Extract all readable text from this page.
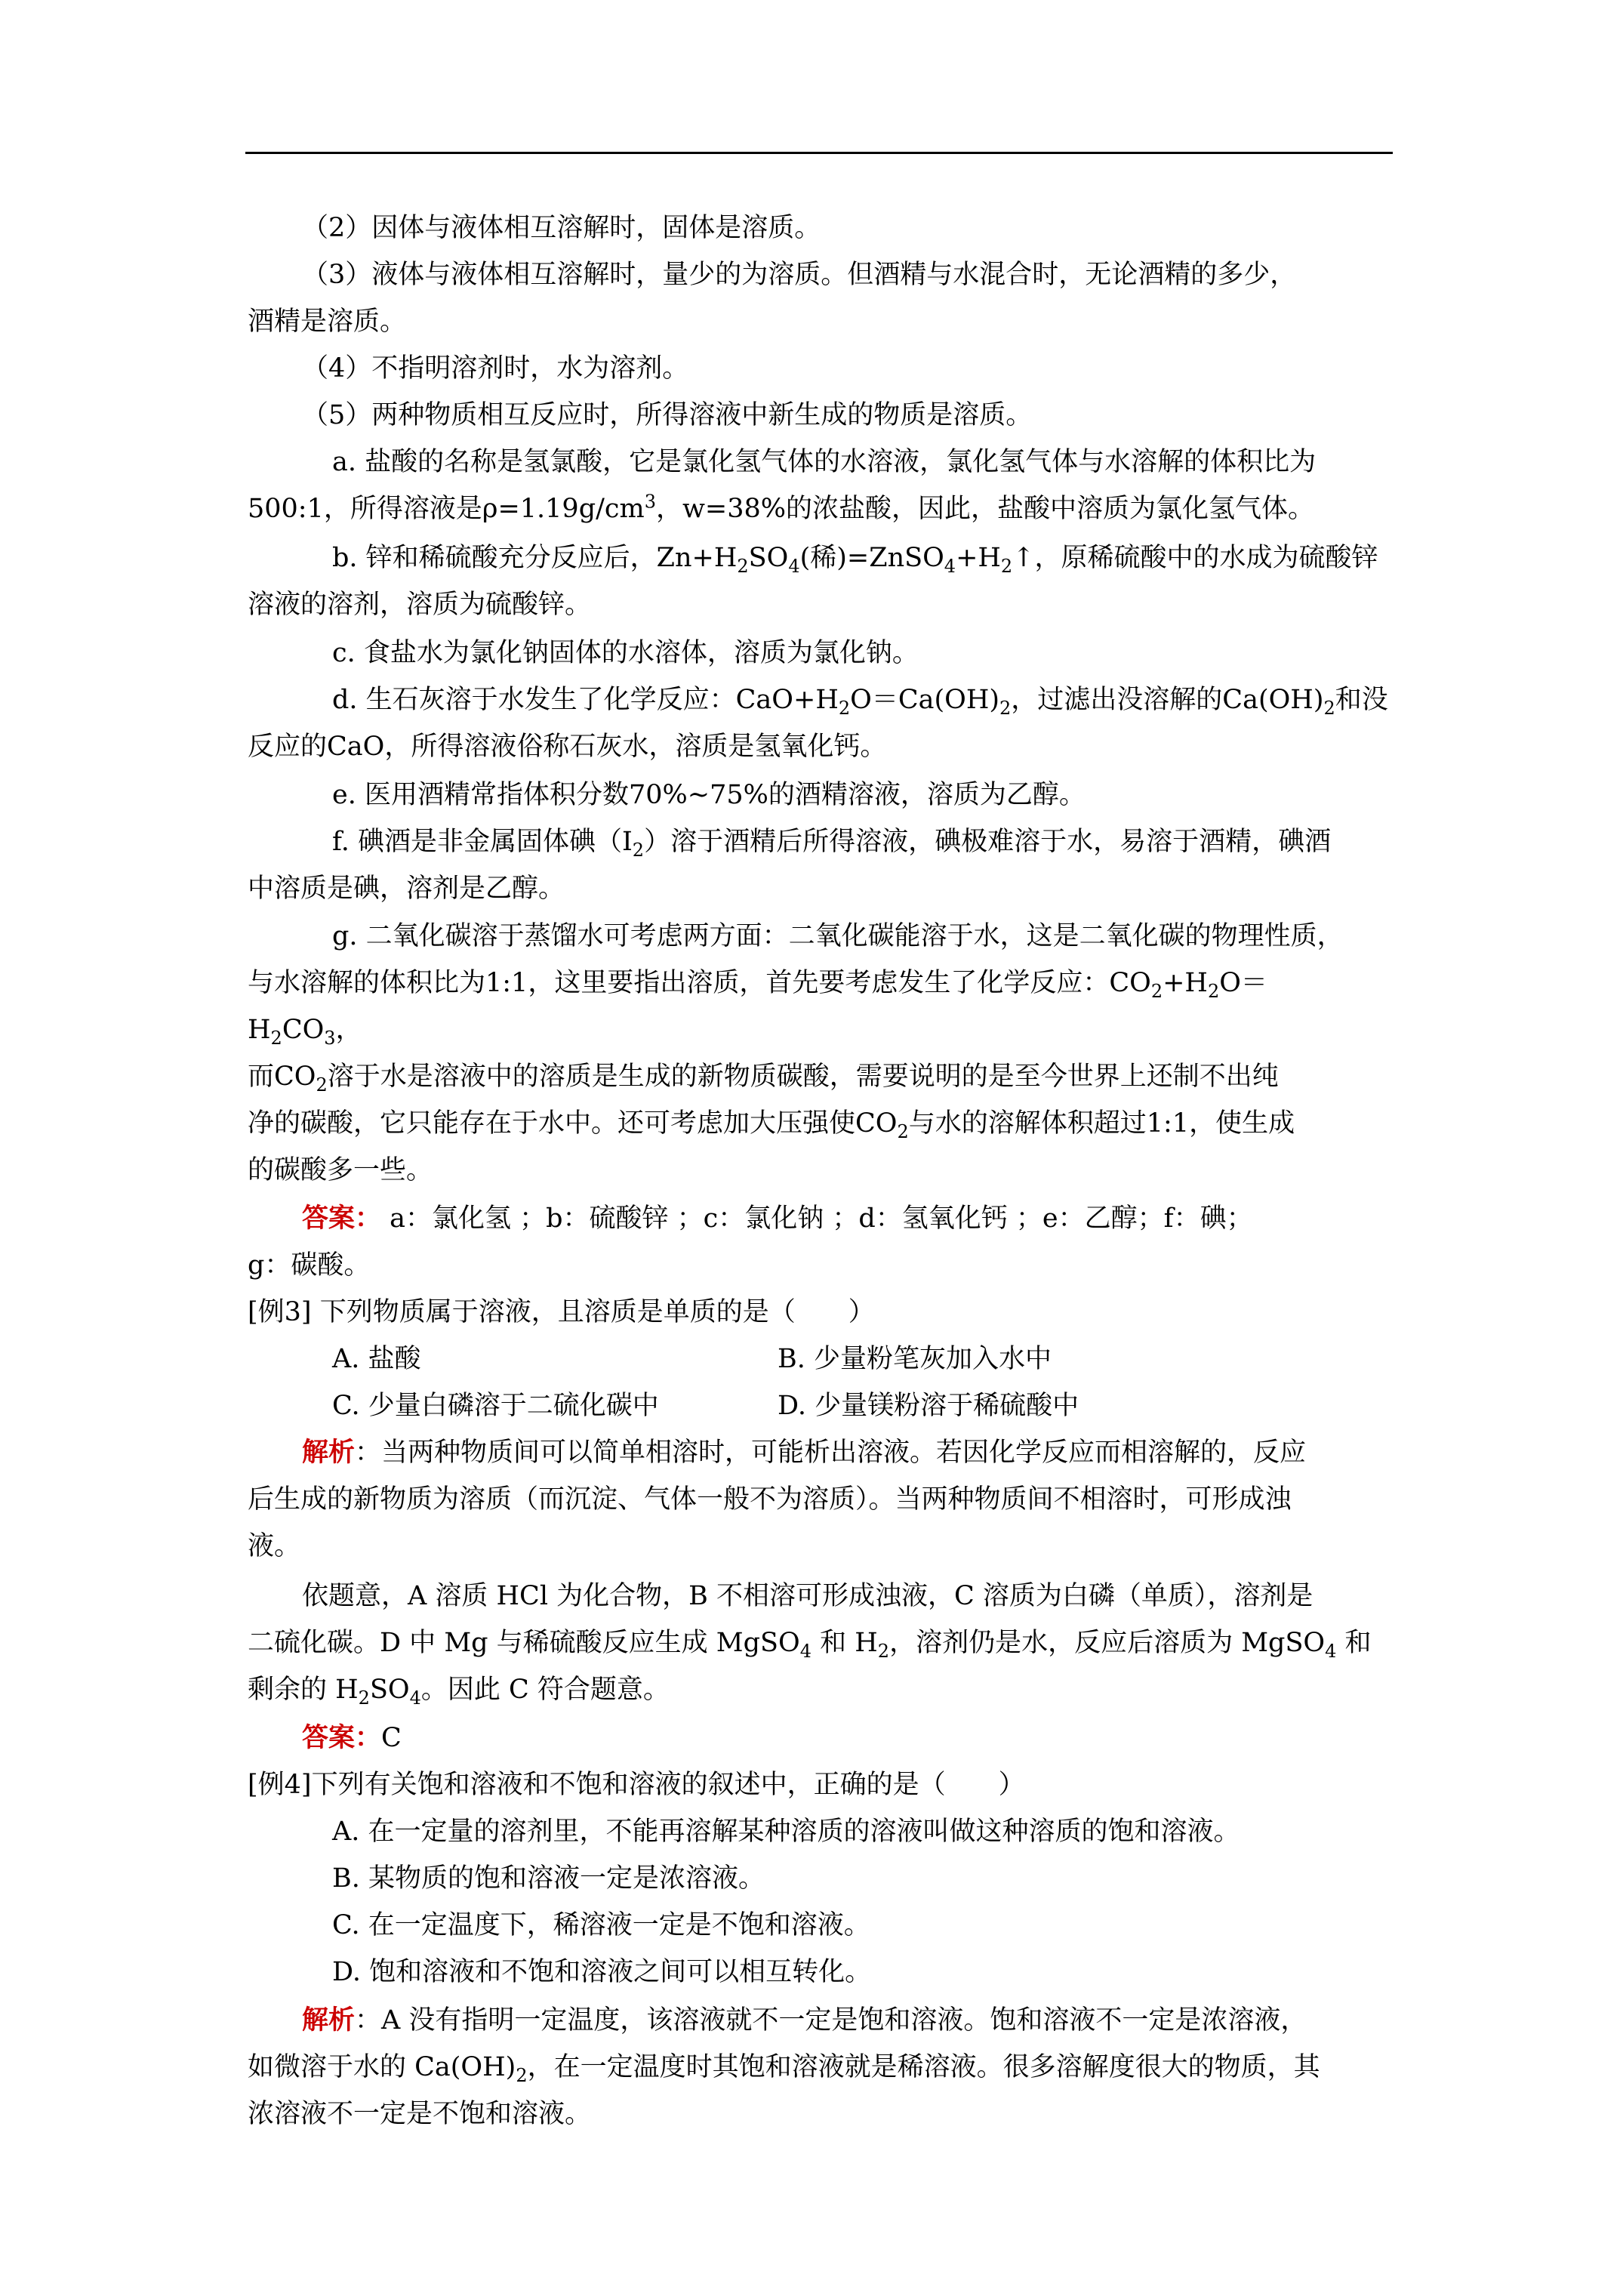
（2）因体与液体相互溶解时，固体是溶质。
（3）液体与液体相互溶解时，量少的为溶质。但酒精与水混合时，无论酒精的多少，
酒精是溶质。
（4）不指明溶剂时，水为溶剂。
（5）两种物质相互反应时，所得溶液中新生成的物质是溶质。
a. 盐酸的名称是氢氯酸，它是氯化氢气体的水溶液，氯化氢气体与水溶解的体积比为
500:1，所得溶液是$\rho=1.19g/cm^3$，w=38%的浓盐酸，因此，盐酸中溶质为氯化氢气体。
b. 锌和稀硫酸充分反应后，$Zn+H_2SO_4$(稀)$=ZnSO_4+H_2↑$，原稀硫酸中的水成为硫酸锌
溶液的溶剂，溶质为硫酸锌。
c. 食盐水为氯化钠固体的水溶体，溶质为氯化钠。
d. 生石灰溶于水发生了化学反应：$CaO+H_2O=Ca(OH)_2$，过滤出没溶解的$Ca(OH)_2$和没
反应的CaO，所得溶液俗称石灰水，溶质是氢氧化钙。
e. 医用酒精常指体积分数70%~75%的酒精溶液，溶质为乙醇。
f. 碘酒是非金属固体碘$(I_2)$溶于酒精后所得溶液，碘极难溶于水，易溶于酒精，碘酒
中溶质是碘，溶剂是乙醇。
g. 二氧化碳溶于蒸馏水可考虑两方面：二氧化碳能溶于水，这是二氧化碳的物理性质，
与水溶解的体积比为1:1，这里要指出溶质，首先要考虑发生了化学反应：$CO_2+H_2O=$
$H_2CO_3$，
而$CO_2$溶于水是溶液中的溶质是生成的新物质碳酸，需要说明的是至今世界上还制不出纯
净的碳酸，它只能存在于水中。还可考虑加大压强使$CO_2$与水的溶解体积超过1:1，使生成
的碳酸多一些。
答案： a：氯化氢 ；b：硫酸锌 ；c：氯化钠 ；d：氢氧化钙 ；e：乙醇；f：碘；
g：碳酸。
[例3] 下列物质属于溶液，且溶质是单质的是（　　）
A. 盐酸	B. 少量粉笔灰加入水中
C. 少量白磷溶于二硫化碳中	D. 少量镁粉溶于稀硫酸中
解析：当两种物质间可以简单相溶时，可能析出溶液。若因化学反应而相溶解的，反应
后生成的新物质为溶质（而沉淀、气体一般不为溶质）。当两种物质间不相溶时，可形成浊
液。
依题意，A 溶质 HCl 为化合物，B 不相溶可形成浊液，C 溶质为白磷（单质），溶剂是
二硫化碳。D 中 Mg 与稀硫酸反应生成 MgSO$_4$ 和 $H_2$，溶剂仍是水，反应后溶质为 MgSO$_4$ 和
剩余的 $H_2SO_4$。因此 C 符合题意。
答案：C
[例4]下列有关饱和溶液和不饱和溶液的叙述中，正确的是（　　）
A. 在一定量的溶剂里，不能再溶解某种溶质的溶液叫做这种溶质的饱和溶液。
B. 某物质的饱和溶液一定是浓溶液。
C. 在一定温度下，稀溶液一定是不饱和溶液。
D. 饱和溶液和不饱和溶液之间可以相互转化。
解析：A 没有指明一定温度，该溶液就不一定是饱和溶液。饱和溶液不一定是浓溶液，
如微溶于水的 $Ca(OH)_2$，在一定温度时其饱和溶液就是稀溶液。很多溶解度很大的物质，其
浓溶液不一定是不饱和溶液。
